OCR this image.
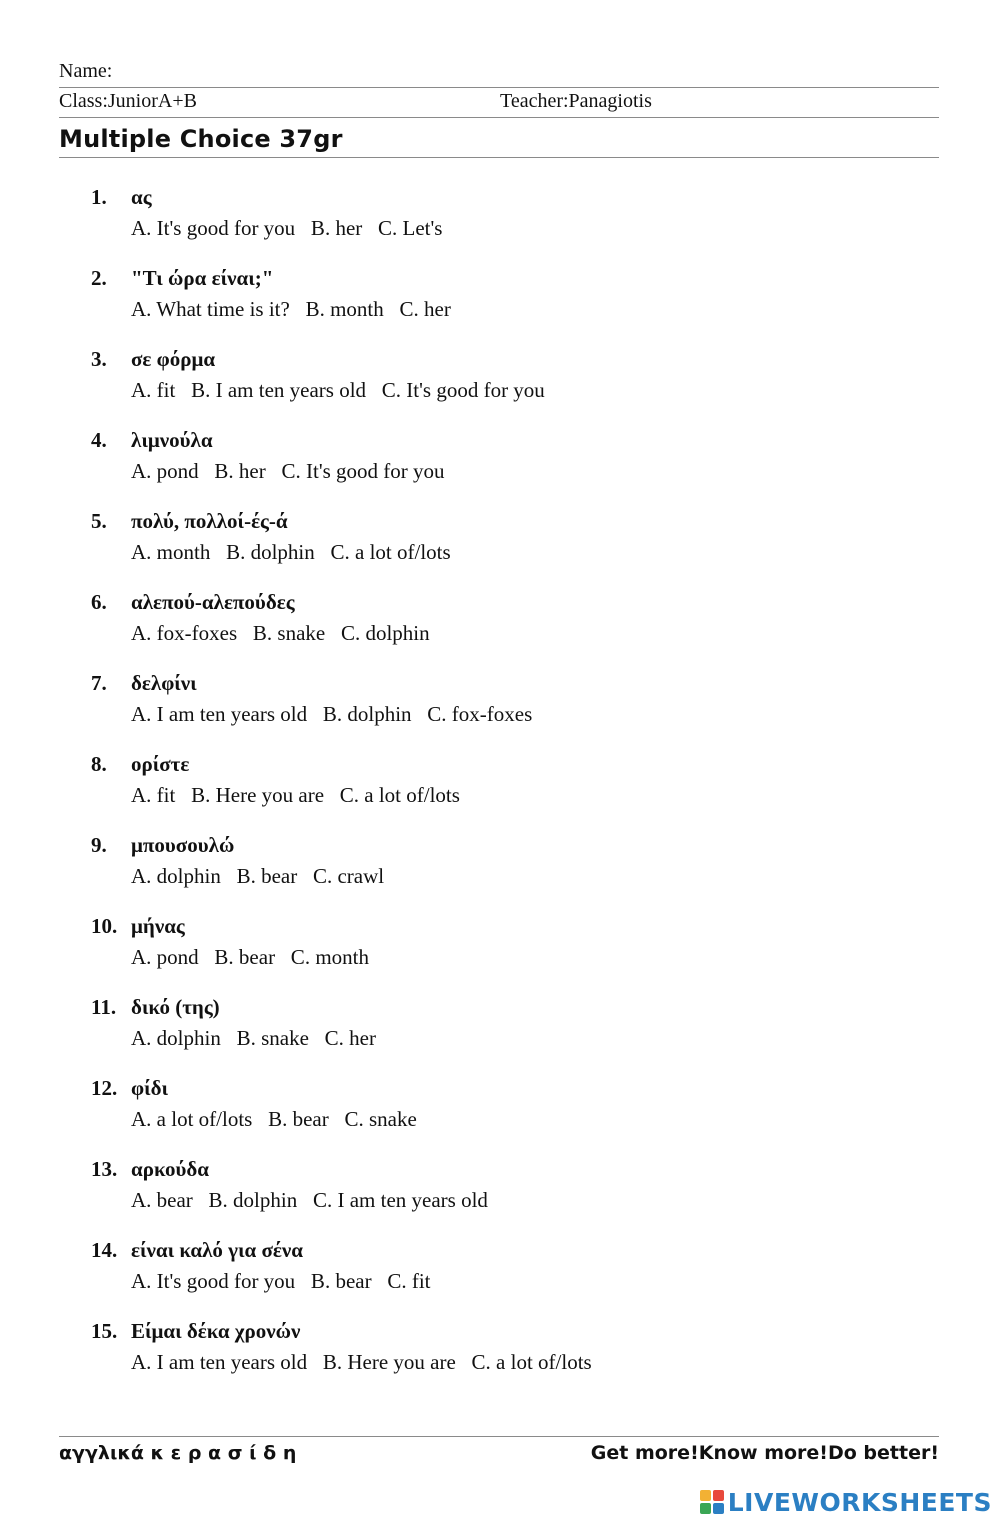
Name:
Class:JuniorA+B	Teacher:Panagiotis
Multiple Choice 37gr
1.	ας
A. It's good for you   B. her   C. Let's
2.	"Τι ώρα είναι;"
A. What time is it?   B. month   C. her
3.	σε φόρμα
A. fit   B. I am ten years old   C. It's good for you
4.	λιμνούλα
A. pond   B. her   C. It's good for you
5.	πολύ, πολλοί-ές-ά
A. month   B. dolphin   C. a lot of/lots
6.	αλεπού-αλεπούδες
A. fox-foxes   B. snake   C. dolphin
7.	δελφίνι
A. I am ten years old   B. dolphin   C. fox-foxes
8.	ορίστε
A. fit   B. Here you are   C. a lot of/lots
9.	μπουσουλώ
A. dolphin   B. bear   C. crawl
10. μήνας
A. pond   B. bear   C. month
11. δικό (της)
A. dolphin   B. snake   C. her
12. φίδι
A. a lot of/lots   B. bear   C. snake
13. αρκούδα
A. bear   B. dolphin   C. I am ten years old
14. είναι καλό για σένα
A. It's good for you   B. bear   C. fit
15. Είμαι δέκα χρονών
A. I am ten years old   B. Here you are   C. a lot of/lots
αγγλικά κ ε ρ α σ ί δ η	Get more!Know more!Do better!
LIVEWORKSHEETS
